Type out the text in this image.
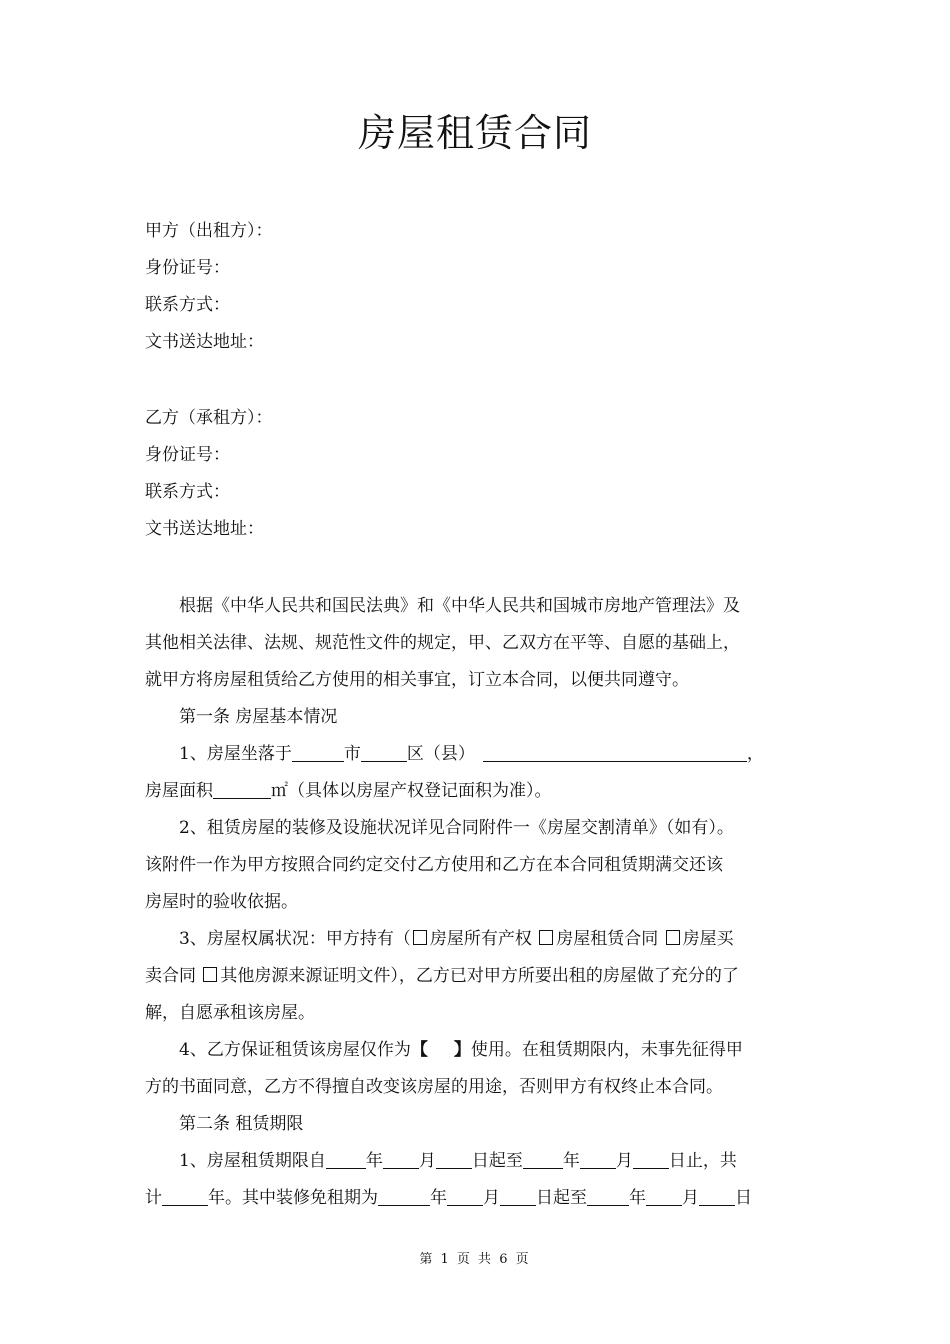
房屋租赁合同
甲方（出租方）：
身份证号：
联系方式：
文书送达地址：
乙方（承租方）：
身份证号：
联系方式：
文书送达地址：
根据《中华人民共和国民法典》和《中华人民共和国城市房地产管理法》及
其他相关法律、法规、规范性文件的规定，甲、乙双方在平等、自愿的基础上，
就甲方将房屋租赁给乙方使用的相关事宜，订立本合同，以便共同遵守。
第一条 房屋基本情况
1、房屋坐落于	市	区（县）	，
房屋面积	㎡（具体以房屋产权登记面积为准）。
2、租赁房屋的装修及设施状况详见合同附件一《房屋交割清单》（如有）。
该附件一作为甲方按照合同约定交付乙方使用和乙方在本合同租赁期满交还该
房屋时的验收依据。
3、房屋权属状况：甲方持有（ 房屋所有产权 房屋租赁合同 房屋买
卖合同 其他房源来源证明文件），乙方已对甲方所要出租的房屋做了充分的了
解，自愿承租该房屋。
4、乙方保证租赁该房屋仅作为【 】使用。在租赁期限内，未事先征得甲
方的书面同意，乙方不得擅自改变该房屋的用途，否则甲方有权终止本合同。
第二条 租赁期限
1、房屋租赁期限自 年 月 日起至 年 月 日止，共
计	年。其中装修免租期为	年 月 日起至 年 月 日
第 1 页 共 6 页
